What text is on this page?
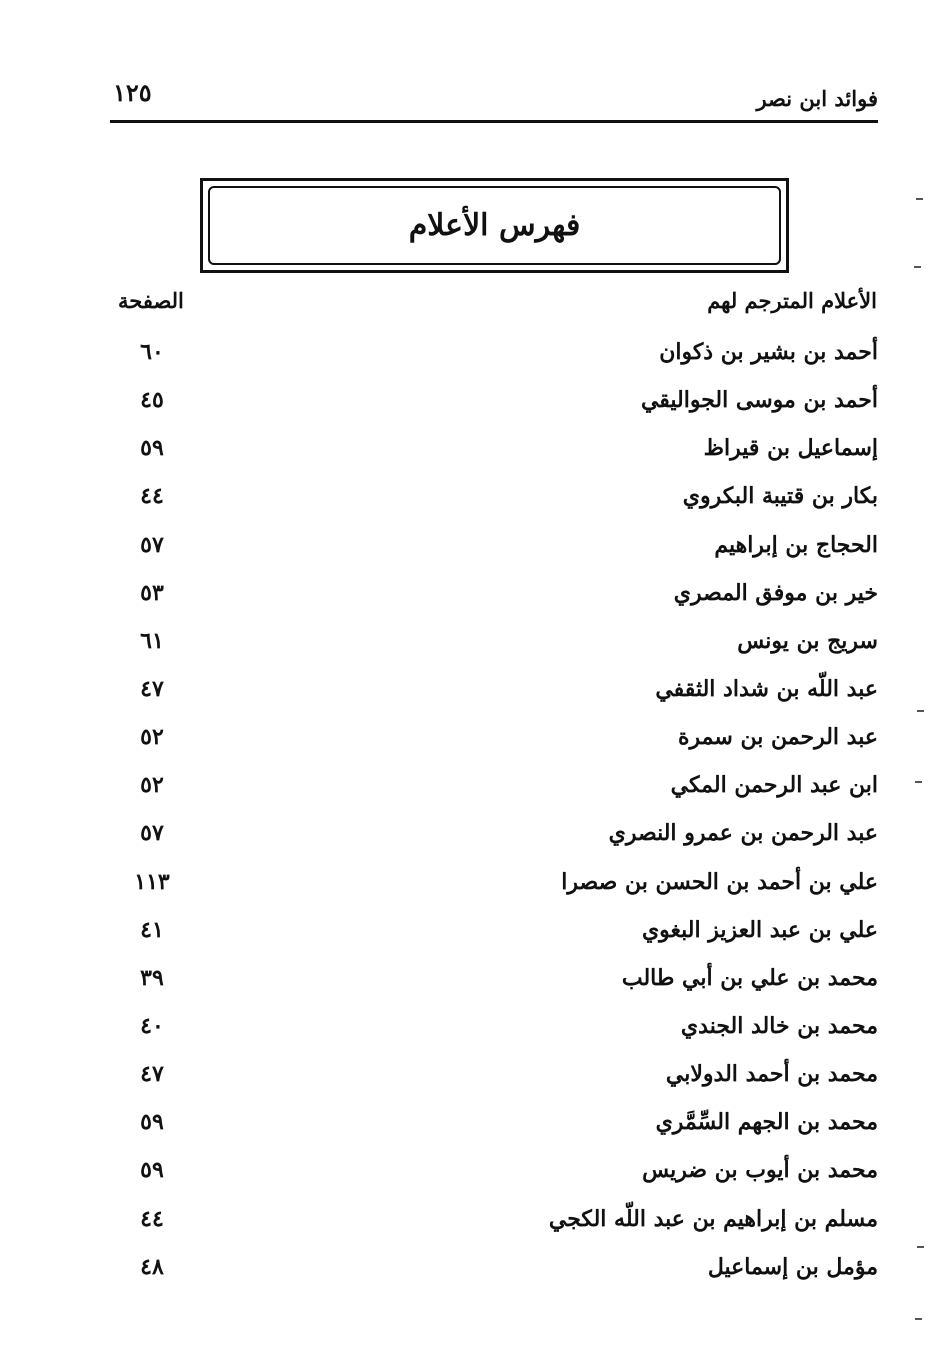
فوائد ابن نصر
١٢٥
فهرس الأعلام
الأعلام المترجم لهم
الصفحة
أحمد بن بشير بن ذكوان
٦٠
أحمد بن موسى الجواليقي
٤٥
إسماعيل بن قيراظ
٥٩
بكار بن قتيبة البكروي
٤٤
الحجاج بن إبراهيم
٥٧
خير بن موفق المصري
٥٣
سريج بن يونس
٦١
عبد اللّه بن شداد الثقفي
٤٧
عبد الرحمن بن سمرة
٥٢
ابن عبد الرحمن المكي
٥٢
عبد الرحمن بن عمرو النصري
٥٧
علي بن أحمد بن الحسن بن صصرا
١١٣
علي بن عبد العزيز البغوي
٤١
محمد بن علي بن أبي طالب
٣٩
محمد بن خالد الجندي
٤٠
محمد بن أحمد الدولابي
٤٧
محمد بن الجهم السِّمَّري
٥٩
محمد بن أيوب بن ضريس
٥٩
مسلم بن إبراهيم بن عبد اللّه الكجي
٤٤
مؤمل بن إسماعيل
٤٨
